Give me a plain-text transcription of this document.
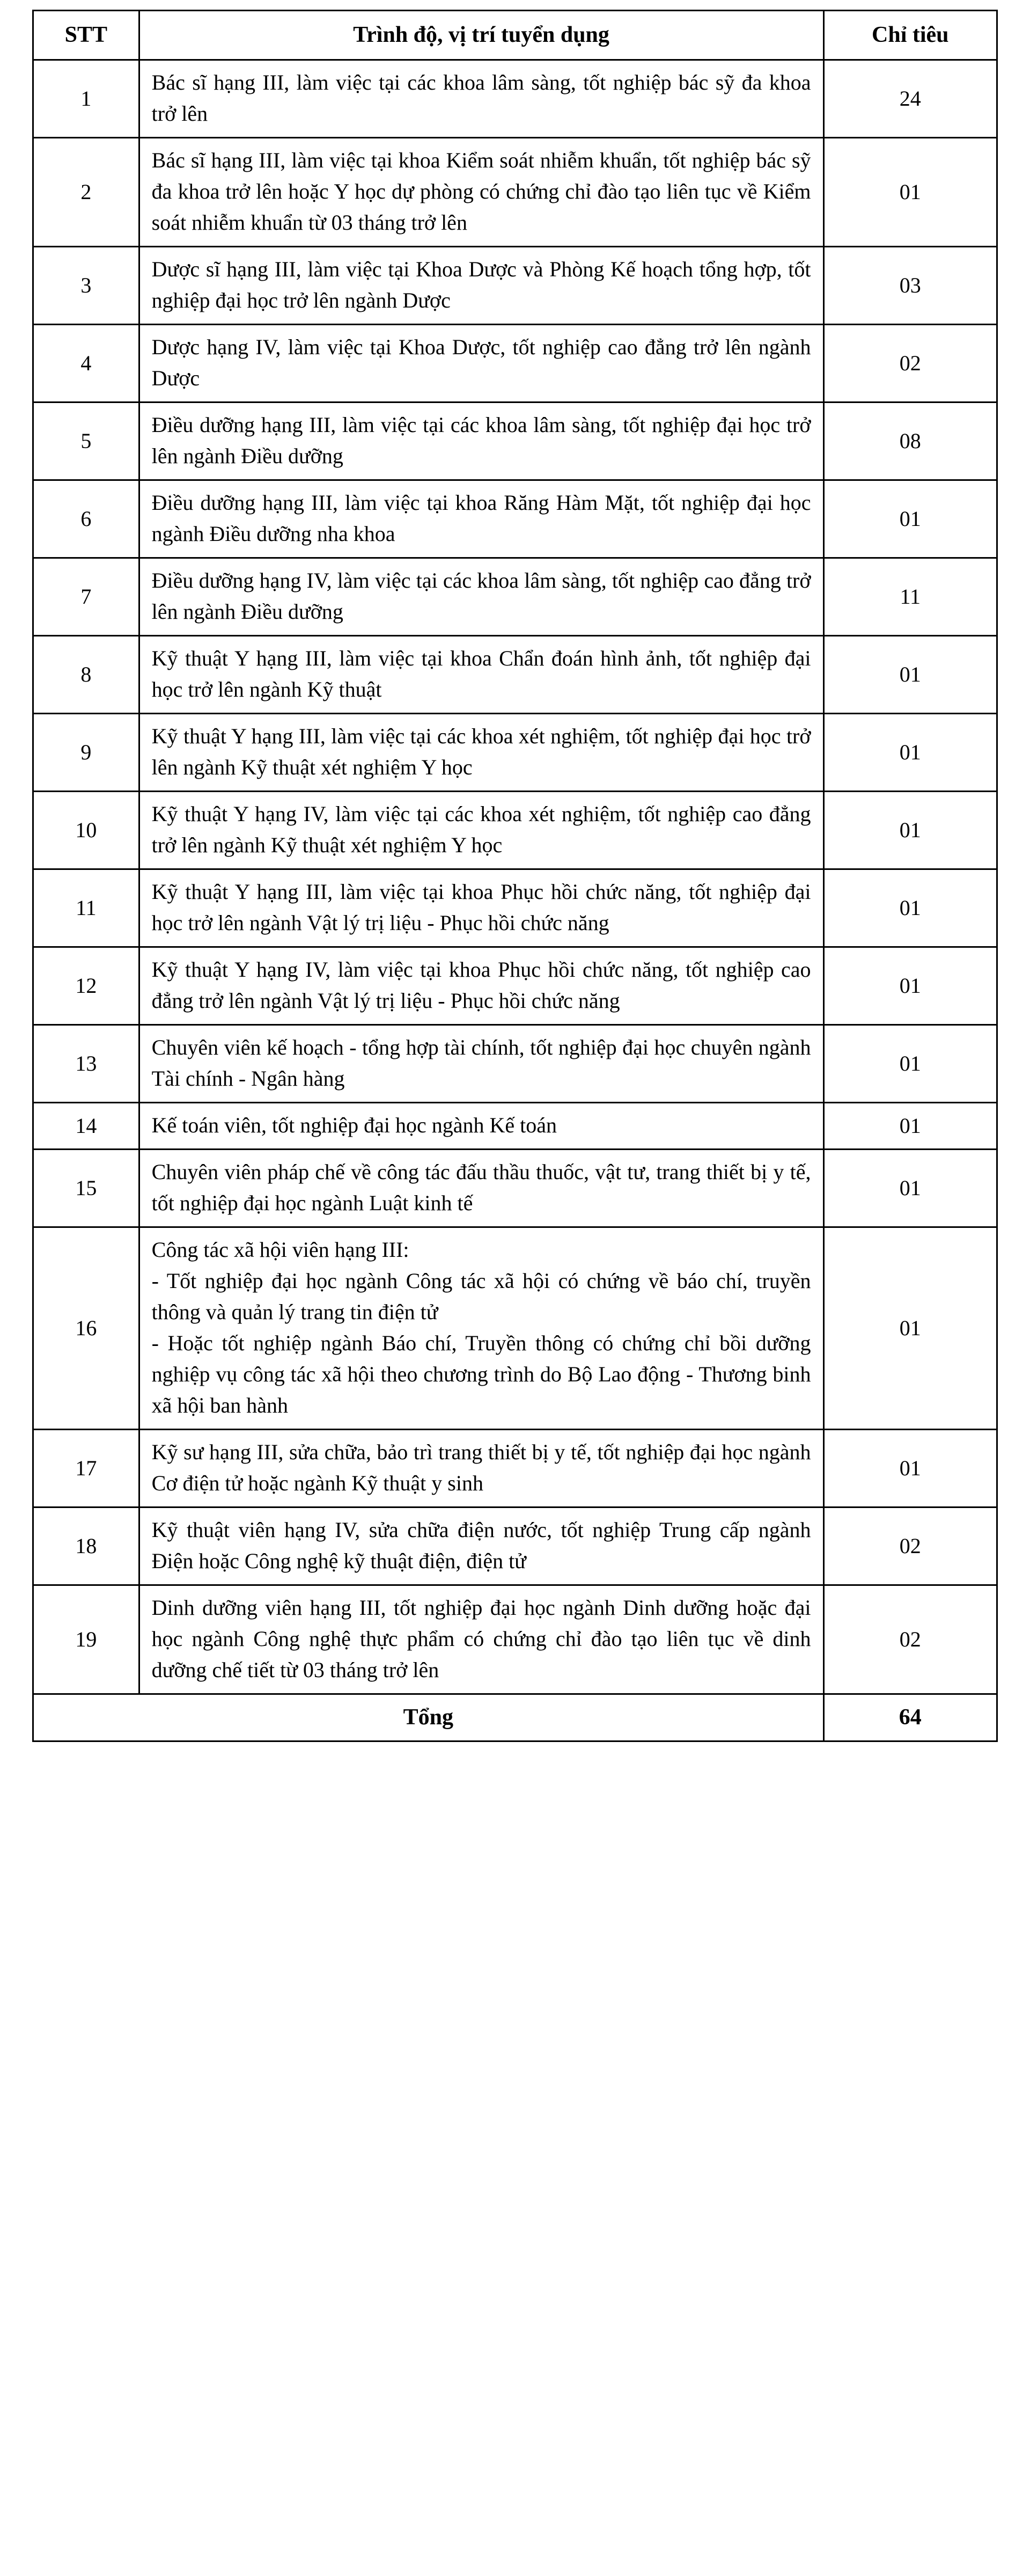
STT	Trình độ, vị trí tuyển dụng	Chỉ tiêu
1	Bác sĩ hạng III, làm việc tại các khoa lâm sàng, tốt nghiệp bác sỹ đa khoa trở lên	24
2	Bác sĩ hạng III, làm việc tại khoa Kiểm soát nhiễm khuẩn, tốt nghiệp bác sỹ đa khoa trở lên hoặc Y học dự phòng có chứng chỉ đào tạo liên tục về Kiểm soát nhiễm khuẩn từ 03 tháng trở lên	01
3	Dược sĩ hạng III, làm việc tại Khoa Dược và Phòng Kế hoạch tổng hợp, tốt nghiệp đại học trở lên ngành Dược	03
4	Dược hạng IV, làm việc tại Khoa Dược, tốt nghiệp cao đẳng trở lên ngành Dược	02
5	Điều dưỡng hạng III, làm việc tại các khoa lâm sàng, tốt nghiệp đại học trở lên ngành Điều dưỡng	08
6	Điều dưỡng hạng III, làm việc tại khoa Răng Hàm Mặt, tốt nghiệp đại học ngành Điều dưỡng nha khoa	01
7	Điều dưỡng hạng IV, làm việc tại các khoa lâm sàng, tốt nghiệp cao đẳng trở lên ngành Điều dưỡng	11
8	Kỹ thuật Y hạng III, làm việc tại khoa Chẩn đoán hình ảnh, tốt nghiệp đại học trở lên ngành Kỹ thuật	01
9	Kỹ thuật Y hạng III, làm việc tại các khoa xét nghiệm, tốt nghiệp đại học trở lên ngành Kỹ thuật xét nghiệm Y học	01
10	Kỹ thuật Y hạng IV, làm việc tại các khoa xét nghiệm, tốt nghiệp cao đẳng trở lên ngành Kỹ thuật xét nghiệm Y học	01
11	Kỹ thuật Y hạng III, làm việc tại khoa Phục hồi chức năng, tốt nghiệp đại học trở lên ngành Vật lý trị liệu - Phục hồi chức năng	01
12	Kỹ thuật Y hạng IV, làm việc tại khoa Phục hồi chức năng, tốt nghiệp cao đẳng trở lên ngành Vật lý trị liệu - Phục hồi chức năng	01
13	Chuyên viên kế hoạch - tổng hợp tài chính, tốt nghiệp đại học chuyên ngành Tài chính - Ngân hàng	01
14	Kế toán viên, tốt nghiệp đại học ngành Kế toán	01
15	Chuyên viên pháp chế về công tác đấu thầu thuốc, vật tư, trang thiết bị y tế, tốt nghiệp đại học ngành Luật kinh tế	01
16	Công tác xã hội viên hạng III:
- Tốt nghiệp đại học ngành Công tác xã hội có chứng về báo chí, truyền thông và quản lý trang tin điện tử
- Hoặc tốt nghiệp ngành Báo chí, Truyền thông có chứng chỉ bồi dưỡng nghiệp vụ công tác xã hội theo chương trình do Bộ Lao động - Thương binh xã hội ban hành	01
17	Kỹ sư hạng III, sửa chữa, bảo trì trang thiết bị y tế, tốt nghiệp đại học ngành Cơ điện tử hoặc ngành Kỹ thuật y sinh	01
18	Kỹ thuật viên hạng IV, sửa chữa điện nước, tốt nghiệp Trung cấp ngành Điện hoặc Công nghệ kỹ thuật điện, điện tử	02
19	Dinh dưỡng viên hạng III, tốt nghiệp đại học ngành Dinh dưỡng hoặc đại học ngành Công nghệ thực phẩm có chứng chỉ đào tạo liên tục về dinh dưỡng chế tiết từ 03 tháng trở lên	02
Tổng		64
